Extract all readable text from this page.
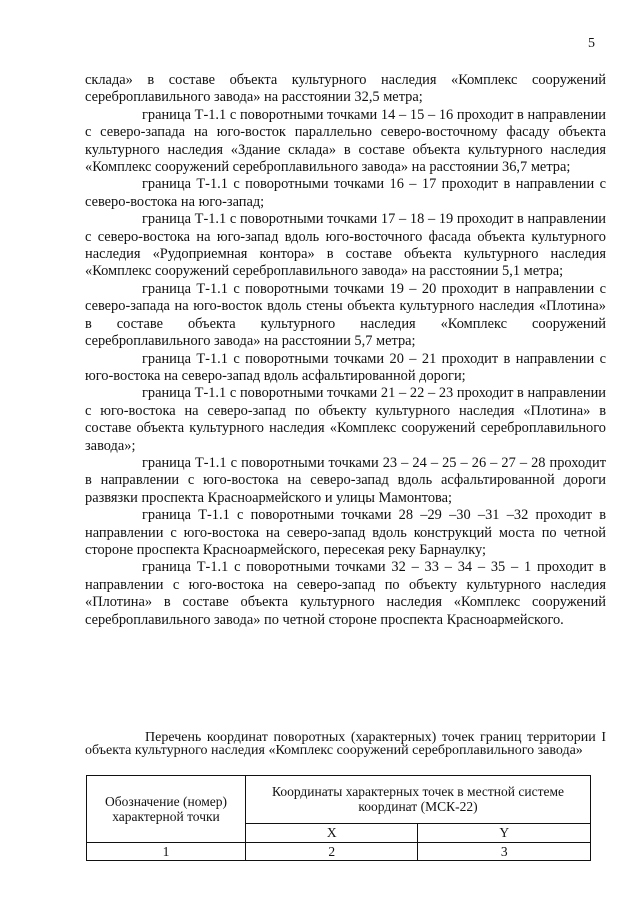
5

склада» в составе объекта культурного наследия «Комплекс сооружений сереброплавильного завода» на расстоянии 32,5 метра;

граница Т-1.1 с поворотными точками 14 – 15 – 16 проходит в направлении с северо-запада на юго-восток параллельно северо-восточному фасаду объекта культурного наследия «Здание склада» в составе объекта культурного наследия «Комплекс сооружений сереброплавильного завода» на расстоянии 36,7 метра;

граница Т-1.1 с поворотными точками 16 – 17 проходит в направлении с северо-востока на юго-запад;

граница Т-1.1 с поворотными точками 17 – 18 – 19 проходит в направлении с северо-востока на юго-запад вдоль юго-восточного фасада объекта культурного наследия «Рудоприемная контора» в составе объекта культурного наследия «Комплекс сооружений сереброплавильного завода» на расстоянии 5,1 метра;

граница Т-1.1 с поворотными точками 19 – 20 проходит в направлении с северо-запада на юго-восток вдоль стены объекта культурного наследия «Плотина» в составе объекта культурного наследия «Комплекс сооружений сереброплавильного завода» на расстоянии 5,7 метра;

граница Т-1.1 с поворотными точками 20 – 21 проходит в направлении с юго-востока на северо-запад вдоль асфальтированной дороги;

граница Т-1.1 с поворотными точками 21 – 22 – 23 проходит в направлении с юго-востока на северо-запад по объекту культурного наследия «Плотина» в составе объекта культурного наследия «Комплекс сооружений сереброплавильного завода»;

граница Т-1.1 с поворотными точками 23 – 24 – 25 – 26 – 27 – 28 проходит в направлении с юго-востока на северо-запад вдоль асфальтированной дороги развязки проспекта Красноармейского и улицы Мамонтова;

граница Т-1.1 с поворотными точками 28 –29 –30 –31 –32 проходит в направлении с юго-востока на северо-запад вдоль конструкций моста по четной стороне проспекта Красноармейского, пересекая реку Барнаулку;

граница Т-1.1 с поворотными точками 32 – 33 – 34 – 35 – 1 проходит в направлении с юго-востока на северо-запад по объекту культурного наследия «Плотина» в составе объекта культурного наследия «Комплекс сооружений сереброплавильного завода» по четной стороне проспекта Красноармейского.

Перечень координат поворотных (характерных) точек границ территории I объекта культурного наследия «Комплекс сооружений сереброплавильного завода»
Обозначение (номер) характерной точки	Координаты характерных точек в местной системе координат (МСК-22)	
	X	Y
1	2	3
